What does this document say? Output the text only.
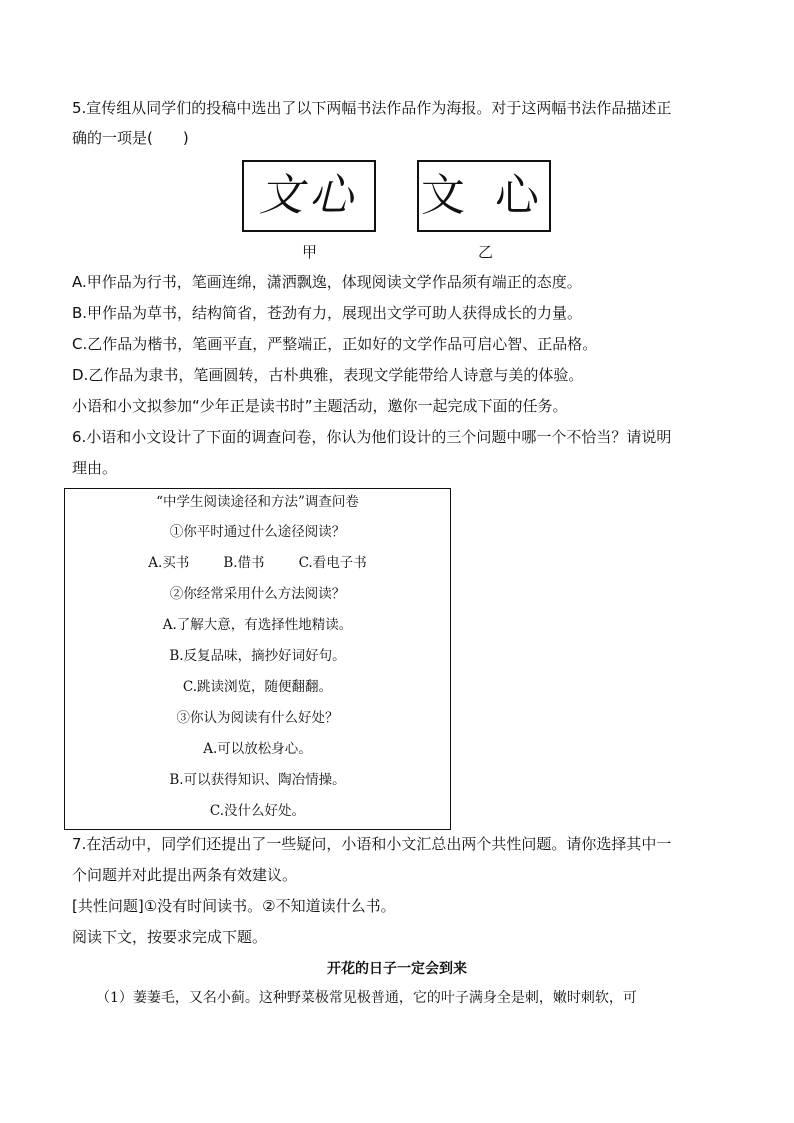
5.宣传组从同学们的投稿中选出了以下两幅书法作品作为海报。对于这两幅书法作品描述正
确的一项是(　　)
文心 文 心
甲	乙
A.甲作品为行书，笔画连绵，潇洒飘逸，体现阅读文学作品须有端正的态度。
B.甲作品为草书，结构简省，苍劲有力，展现出文学可助人获得成长的力量。
C.乙作品为楷书，笔画平直，严整端正，正如好的文学作品可启心智、正品格。
D.乙作品为隶书，笔画圆转，古朴典雅，表现文学能带给人诗意与美的体验。
小语和小文拟参加“少年正是读书时”主题活动，邀你一起完成下面的任务。
6.小语和小文设计了下面的调查问卷，你认为他们设计的三个问题中哪一个不恰当？请说明
理由。
“中学生阅读途径和方法”调查问卷
①你平时通过什么途径阅读？
A.买书	B.借书	C.看电子书
②你经常采用什么方法阅读？
A.了解大意，有选择性地精读。
B.反复品味，摘抄好词好句。
C.跳读浏览，随便翻翻。
③你认为阅读有什么好处？
A.可以放松身心。
B.可以获得知识、陶冶情操。
C.没什么好处。
7.在活动中，同学们还提出了一些疑问，小语和小文汇总出两个共性问题。请你选择其中一
个问题并对此提出两条有效建议。
[共性问题]①没有时间读书。②不知道读什么书。
阅读下文，按要求完成下题。
开花的日子一定会到来
（1）萋萋毛，又名小蓟。这种野菜极常见极普通，它的叶子满身全是刺，嫩时刺软，可
